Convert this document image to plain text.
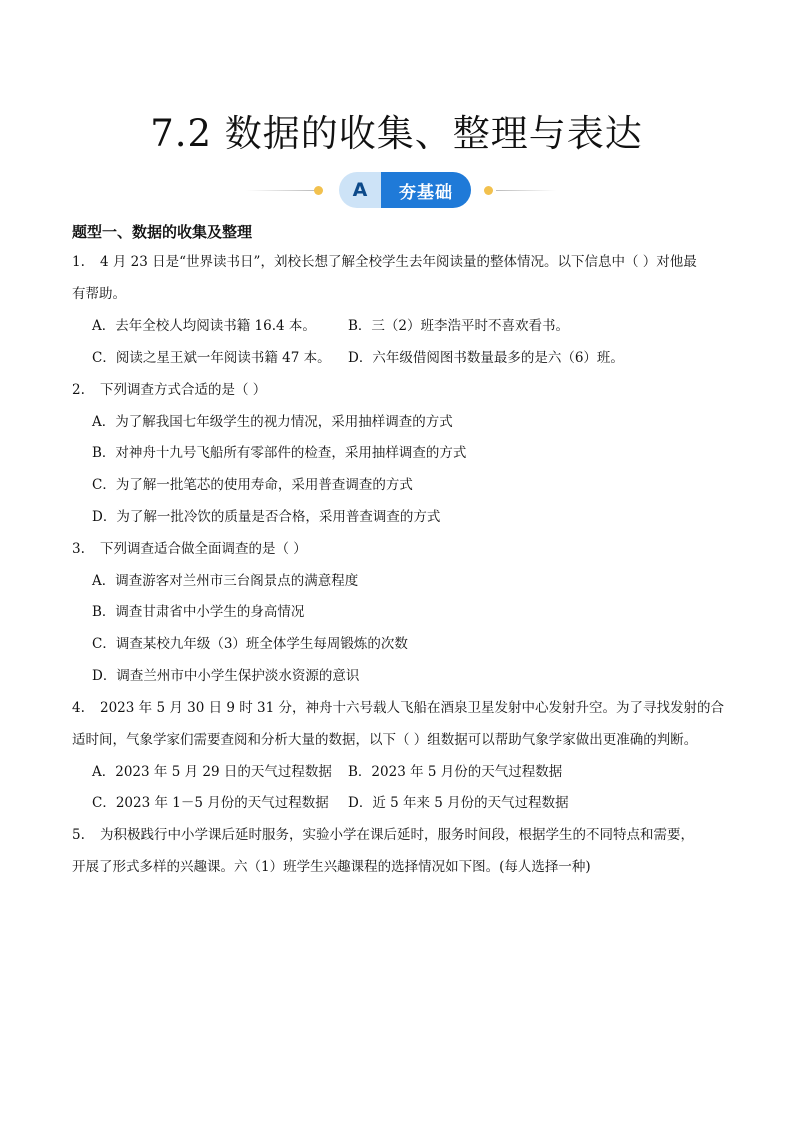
7.2 数据的收集、整理与表达
A	夯基础
题型一、数据的收集及整理
1. 4 月 23 日是“世界读书日”，刘校长想了解全校学生去年阅读量的整体情况。以下信息中（ ）对他最
有帮助。
A．去年全校人均阅读书籍 16.4 本。 B．三（2）班李浩平时不喜欢看书。
C．阅读之星王斌一年阅读书籍 47 本。 D．六年级借阅图书数量最多的是六（6）班。
2. 下列调查方式合适的是（ ）
A．为了解我国七年级学生的视力情况，采用抽样调查的方式
B．对神舟十九号飞船所有零部件的检查，采用抽样调查的方式
C．为了解一批笔芯的使用寿命，采用普查调查的方式
D．为了解一批冷饮的质量是否合格，采用普查调查的方式
3. 下列调查适合做全面调查的是（ ）
A．调查游客对兰州市三台阁景点的满意程度
B．调查甘肃省中小学生的身高情况
C．调查某校九年级（3）班全体学生每周锻炼的次数
D．调查兰州市中小学生保护淡水资源的意识
4. 2023 年 5 月 30 日 9 时 31 分，神舟十六号载人飞船在酒泉卫星发射中心发射升空。为了寻找发射的合
适时间，气象学家们需要查阅和分析大量的数据，以下（ ）组数据可以帮助气象学家做出更准确的判断。
A．2023 年 5 月 29 日的天气过程数据 B．2023 年 5 月份的天气过程数据
C．2023 年 1－5 月份的天气过程数据 D．近 5 年来 5 月份的天气过程数据
5. 为积极践行中小学课后延时服务，实验小学在课后延时，服务时间段，根据学生的不同特点和需要，
开展了形式多样的兴趣课。六（1）班学生兴趣课程的选择情况如下图。(每人选择一种)
